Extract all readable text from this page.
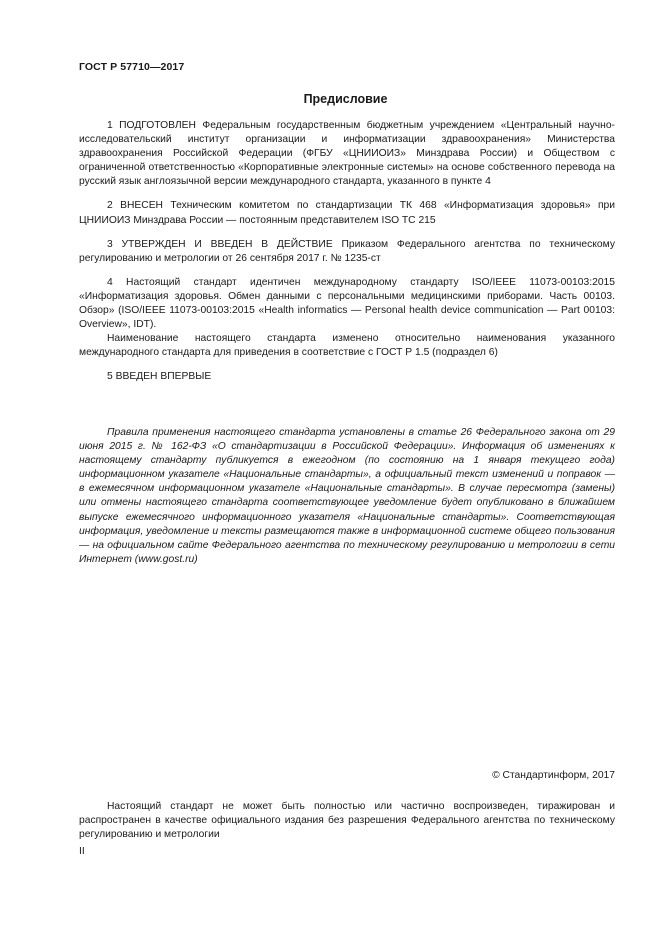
ГОСТ Р 57710—2017
Предисловие

1 ПОДГОТОВЛЕН Федеральным государственным бюджетным учреждением «Центральный научно-исследовательский институт организации и информатизации здравоохранения» Министерства здравоохранения Российской Федерации (ФГБУ «ЦНИИОИЗ» Минздрава России) и Обществом с ограниченной ответственностью «Корпоративные электронные системы» на основе собственного перевода на русский язык англоязычной версии международного стандарта, указанного в пункте 4

2 ВНЕСЕН Техническим комитетом по стандартизации ТК 468 «Информатизация здоровья» при ЦНИИОИЗ Минздрава России — постоянным представителем ISO TC 215

3 УТВЕРЖДЕН И ВВЕДЕН В ДЕЙСТВИЕ Приказом Федерального агентства по техническому регулированию и метрологии от 26 сентября 2017 г. № 1235-ст

4 Настоящий стандарт идентичен международному стандарту ISO/IEEE 11073-00103:2015 «Информатизация здоровья. Обмен данными с персональными медицинскими приборами. Часть 00103. Обзор» (ISO/IEEE 11073-00103:2015 «Health informatics — Personal health device communication — Part 00103: Overview», IDT).

Наименование настоящего стандарта изменено относительно наименования указанного международного стандарта для приведения в соответствие с ГОСТ Р 1.5 (подраздел 6)

5 ВВЕДЕН ВПЕРВЫЕ

Правила применения настоящего стандарта установлены в статье 26 Федерального закона от 29 июня 2015 г. № 162-ФЗ «О стандартизации в Российской Федерации». Информация об изменениях к настоящему стандарту публикуется в ежегодном (по состоянию на 1 января текущего года) информационном указателе «Национальные стандарты», а официальный текст изменений и поправок — в ежемесячном информационном указателе «Национальные стандарты». В случае пересмотра (замены) или отмены настоящего стандарта соответствующее уведомление будет опубликовано в ближайшем выпуске ежемесячного информационного указателя «Национальные стандарты». Соответствующая информация, уведомление и тексты размещаются также в информационной системе общего пользования — на официальном сайте Федерального агентства по техническому регулированию и метрологии в сети Интернет (www.gost.ru)

© Стандартинформ, 2017

Настоящий стандарт не может быть полностью или частично воспроизведен, тиражирован и распространен в качестве официального издания без разрешения Федерального агентства по техническому регулированию и метрологии

II
